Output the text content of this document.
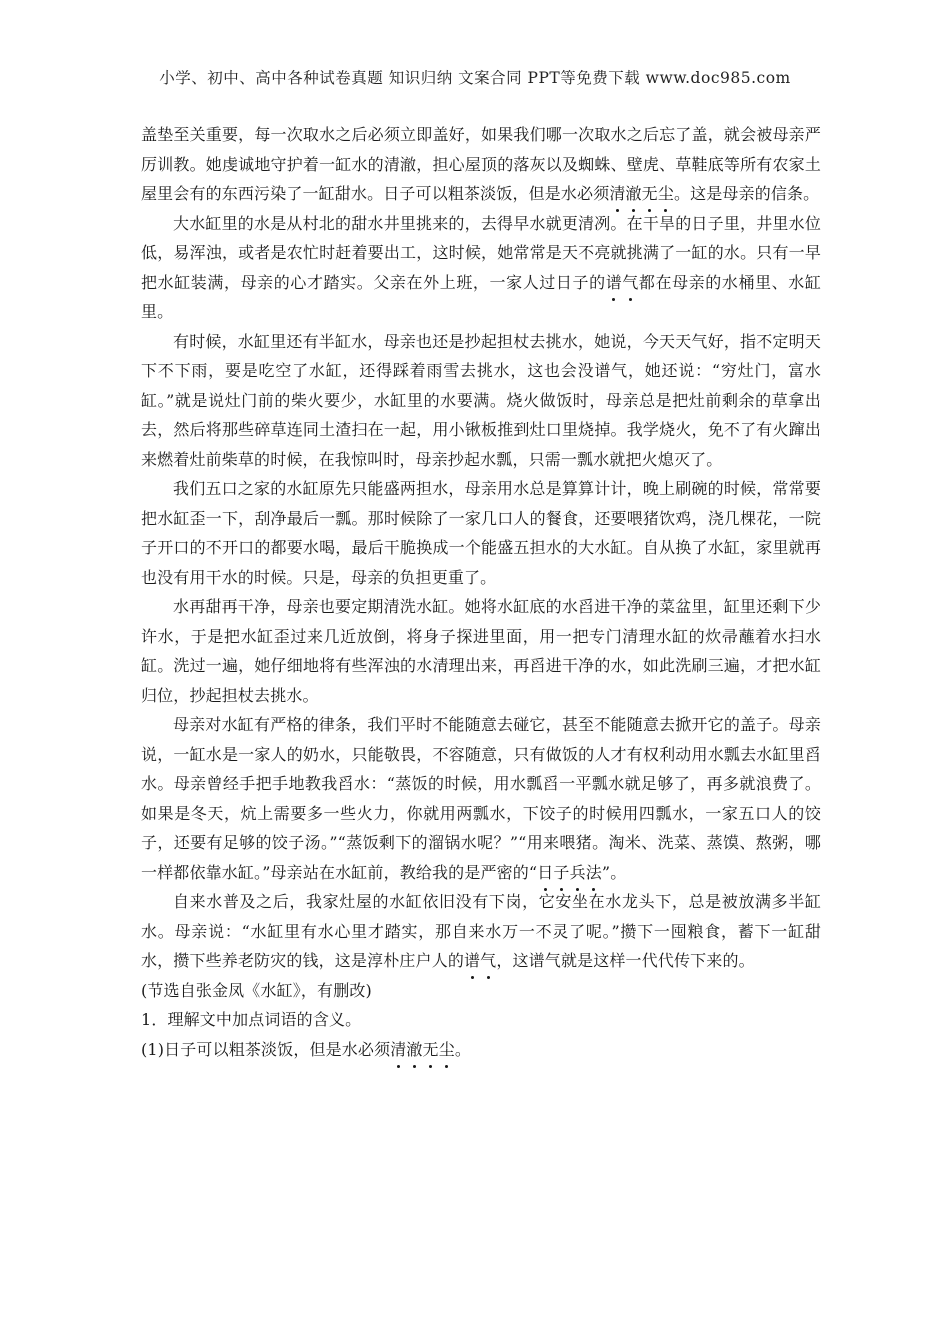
小学、初中、高中各种试卷真题 知识归纳 文案合同 PPT等免费下载 www.doc985.com

盖垫至关重要，每一次取水之后必须立即盖好，如果我们哪一次取水之后忘了盖，就会被母亲严厉训教。她虔诚地守护着一缸水的清澈，担心屋顶的落灰以及蜘蛛、壁虎、草鞋底等所有农家土屋里会有的东西污染了一缸甜水。日子可以粗茶淡饭，但是水必须清
澈
无
尘
。这是母亲的信条。

大水缸里的水是从村北的甜水井里挑来的，去得早水就更清冽。在干旱的日子里，井里水位低，易浑浊，或者是农忙时赶着要出工，这时候，她常常是天不亮就挑满了一缸的水。只有一早把水缸装满，母亲的心才踏实。父亲在外上班，一家人过日子的谱
气
都在母亲的水桶里、水缸里。

有时候，水缸里还有半缸水，母亲也还是抄起担杖去挑水，她说，今天天气好，指不定明天下不下雨，要是吃空了水缸，还得踩着雨雪去挑水，这也会没谱气，她还说：“穷灶门，富水缸。”就是说灶门前的柴火要少，水缸里的水要满。烧火做饭时，母亲总是把灶前剩余的草拿出去，然后将那些碎草连同土渣扫在一起，用小锹板推到灶口里烧掉。我学烧火，免不了有火蹿出来燃着灶前柴草的时候，在我惊叫时，母亲抄起水瓢，只需一瓢水就把火熄灭了。

我们五口之家的水缸原先只能盛两担水，母亲用水总是算算计计，晚上刷碗的时候，常常要把水缸歪一下，刮净最后一瓢。那时候除了一家几口人的餐食，还要喂猪饮鸡，浇几棵花，一院子开口的不开口的都要水喝，最后干脆换成一个能盛五担水的大水缸。自从换了水缸，家里就再也没有用干水的时候。只是，母亲的负担更重了。

水再甜再干净，母亲也要定期清洗水缸。她将水缸底的水舀进干净的菜盆里，缸里还剩下少许水，于是把水缸歪过来几近放倒，将身子探进里面，用一把专门清理水缸的炊帚蘸着水扫水缸。洗过一遍，她仔细地将有些浑浊的水清理出来，再舀进干净的水，如此洗刷三遍，才把水缸归位，抄起担杖去挑水。

母亲对水缸有严格的律条，我们平时不能随意去碰它，甚至不能随意去掀开它的盖子。母亲说，一缸水是一家人的奶水，只能敬畏，不容随意，只有做饭的人才有权利动用水瓢去水缸里舀水。母亲曾经手把手地教我舀水：“蒸饭的时候，用水瓢舀一平瓢水就足够了，再多就浪费了。如果是冬天，炕上需要多一些火力，你就用两瓢水，下饺子的时候用四瓢水，一家五口人的饺子，还要有足够的饺子汤。”“蒸饭剩下的溜锅水呢？”“用来喂猪。淘米、洗菜、蒸馍、熬粥，哪一样都依靠水缸。”母亲站在水缸前，教给我的是严密的“日
子
兵
法
”。

自来水普及之后，我家灶屋的水缸依旧没有下岗，它安坐在水龙头下，总是被放满多半缸水。母亲说：“水缸里有水心里才踏实，那自来水万一不灵了呢。”攒下一囤粮食，蓄下一缸甜水，攒下些养老防灾的钱，这是淳朴庄户人的谱
气
，这谱气就是这样一代代传下来的。

(节选自张金凤《水缸》，有删改)

1．理解文中加点词语的含义。

(1)日子可以粗茶淡饭，但是水必须清
澈
无
尘
。
